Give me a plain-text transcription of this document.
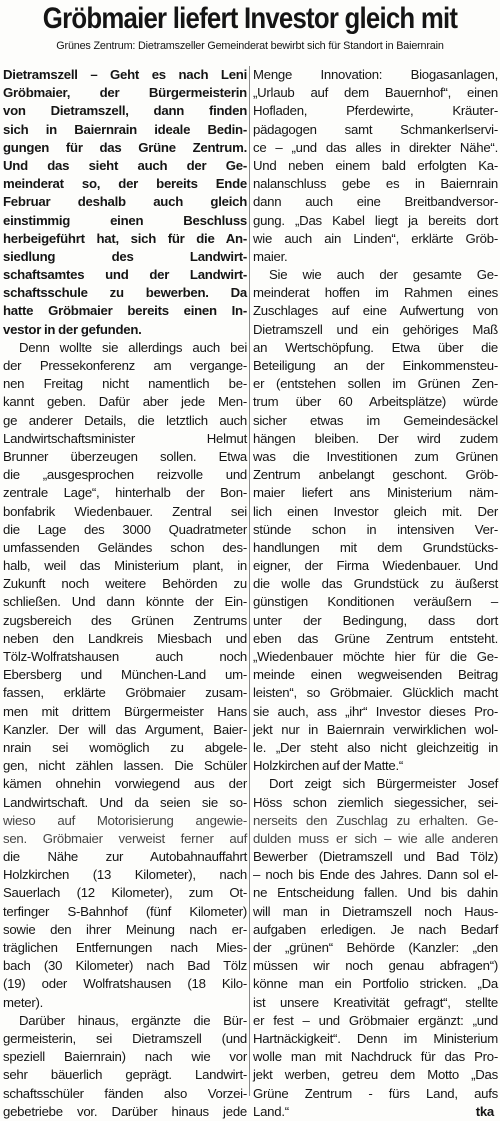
Gröbmaier liefert Investor gleich mit
Grünes Zentrum: Dietramszeller Gemeinderat bewirbt sich für Standort in Baiernrain
Dietramszell – Geht es nach Leni
Gröbmaier, der Bürgermeisterin
von Dietramszell, dann finden
sich in Baiernrain ideale Bedin-
gungen für das Grüne Zentrum.
Und das sieht auch der Ge-
meinderat so, der bereits Ende
Februar deshalb auch gleich
einstimmig einen Beschluss
herbeigeführt hat, sich für die An-
siedlung des Landwirt-
schaftsamtes und der Landwirt-
schaftsschule zu bewerben. Da
hatte Gröbmaier bereits einen In-
vestor in der gefunden.
Denn wollte sie allerdings auch bei
der Pressekonferenz am vergange-
nen Freitag nicht namentlich be-
kannt geben. Dafür aber jede Men-
ge anderer Details, die letztlich auch
Landwirtschaftsminister Helmut
Brunner überzeugen sollen. Etwa
die „ausgesprochen reizvolle und
zentrale Lage“, hinterhalb der Bon-
bonfabrik Wiedenbauer. Zentral sei
die Lage des 3000 Quadratmeter
umfassenden Geländes schon des-
halb, weil das Ministerium plant, in
Zukunft noch weitere Behörden zu
schließen. Und dann könnte der Ein-
zugsbereich des Grünen Zentrums
neben den Landkreis Miesbach und
Tölz-Wolfratshausen auch noch
Ebersberg und München-Land um-
fassen, erklärte Gröbmaier zusam-
men mit drittem Bürgermeister Hans
Kanzler. Der will das Argument, Baier-
nrain sei womöglich zu abgele-
gen, nicht zählen lassen. Die Schüler
kämen ohnehin vorwiegend aus der
Landwirtschaft. Und da seien sie so-
wieso auf Motorisierung angewie-
sen. Gröbmaier verweist ferner auf
die Nähe zur Autobahnauffahrt
Holzkirchen (13 Kilometer), nach
Sauerlach (12 Kilometer), zum Ot-
terfinger S-Bahnhof (fünf Kilometer)
sowie den ihrer Meinung nach er-
träglichen Entfernungen nach Mies-
bach (30 Kilometer) nach Bad Tölz
(19) oder Wolfratshausen (18 Kilo-
meter).
Darüber hinaus, ergänzte die Bür-
germeisterin, sei Dietramszell (und
speziell Baiernrain) nach wie vor
sehr bäuerlich geprägt. Landwirt-
schaftsschüler fänden also Vorzei-
gebetriebe vor. Darüber hinaus jede
Menge Innovation: Biogasanlagen,
„Urlaub auf dem Bauernhof“, einen
Hofladen, Pferdewirte, Kräuter-
pädagogen samt Schmankerlservi-
ce – „und das alles in direkter Nähe“.
Und neben einem bald erfolgten Ka-
nalanschluss gebe es in Baiernrain
dann auch eine Breitbandversor-
gung. „Das Kabel liegt ja bereits dort
wie auch ain Linden“, erklärte Gröb-
maier.
Sie wie auch der gesamte Ge-
meinderat hoffen im Rahmen eines
Zuschlages auf eine Aufwertung von
Dietramszell und ein gehöriges Maß
an Wertschöpfung. Etwa über die
Beteiligung an der Einkommensteu-
er (entstehen sollen im Grünen Zen-
trum über 60 Arbeitsplätze) würde
sicher etwas im Gemeindesäckel
hängen bleiben. Der wird zudem
was die Investitionen zum Grünen
Zentrum anbelangt geschont. Gröb-
maier liefert ans Ministerium näm-
lich einen Investor gleich mit. Der
stünde schon in intensiven Ver-
handlungen mit dem Grundstücks-
eigner, der Firma Wiedenbauer. Und
die wolle das Grundstück zu äußerst
günstigen Konditionen veräußern –
unter der Bedingung, dass dort
eben das Grüne Zentrum entsteht.
„Wiedenbauer möchte hier für die Ge-
meinde einen wegweisenden Beitrag
leisten“, so Gröbmaier. Glücklich macht
sie auch, ass „ihr“ Investor dieses Pro-
jekt nur in Baiernrain verwirklichen wol-
le. „Der steht also nicht gleichzeitig in
Holzkirchen auf der Matte.“
Dort zeigt sich Bürgermeister Josef
Höss schon ziemlich siegessicher, sei-
nerseits den Zuschlag zu erhalten. Ge-
dulden muss er sich – wie alle anderen
Bewerber (Dietramszell und Bad Tölz)
– noch bis Ende des Jahres. Dann sol el-
ne Entscheidung fallen. Und bis dahin
will man in Dietramszell noch Haus-
aufgaben erledigen. Je nach Bedarf
der „grünen“ Behörde (Kanzler: „den
müssen wir noch genau abfragen“)
könne man ein Portfolio stricken. „Da
ist unsere Kreativität gefragt“, stellte
er fest – und Gröbmaier ergänzt: „und
Hartnäckigkeit“. Denn im Ministerium
wolle man mit Nachdruck für das Pro-
jekt werben, getreu dem Motto „Das
Grüne Zentrum - fürs Land, aufs
Land.“	tka
